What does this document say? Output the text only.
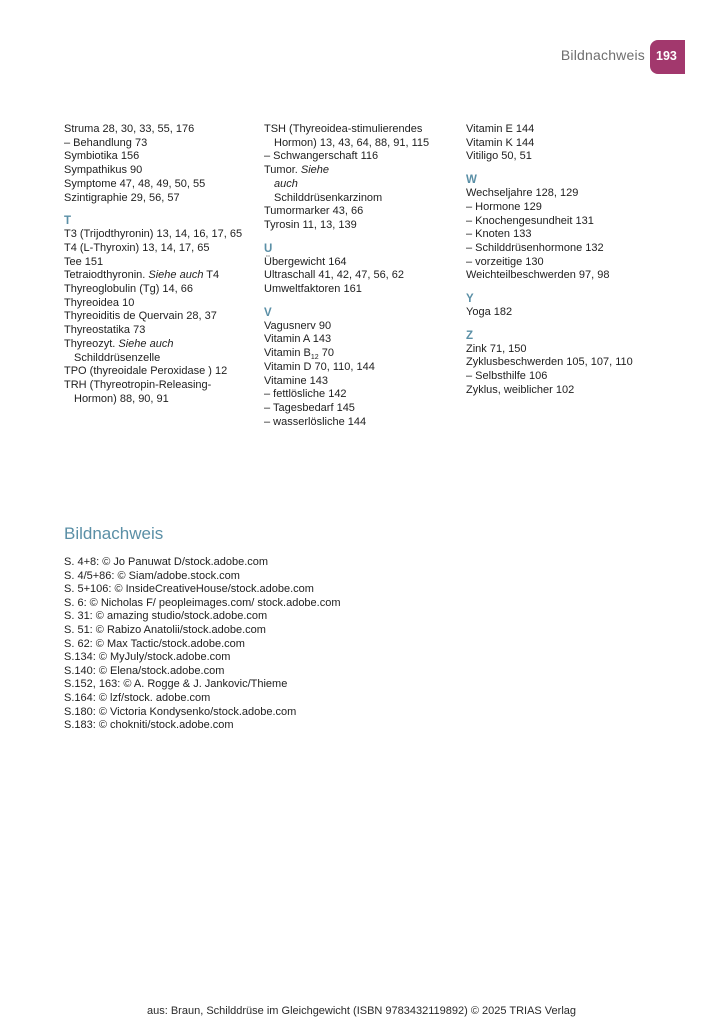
Bildnachweis 193
Struma 28, 30, 33, 55, 176
– Behandlung 73
Symbiotika 156
Sympathikus 90
Symptome 47, 48, 49, 50, 55
Szintigraphie 29, 56, 57
T
T3 (Trijodthyronin) 13, 14, 16, 17, 65
T4 (L-Thyroxin) 13, 14, 17, 65
Tee 151
Tetraiodthyronin. Siehe auch T4
Thyreoglobulin (Tg) 14, 66
Thyreoidea 10
Thyreoiditis de Quervain 28, 37
Thyreostatika 73
Thyreozyt. Siehe auch Schilddrüsenzelle
TPO (thyreoidale Peroxidase ) 12
TRH (Thyreotropin-Releasing-Hormon) 88, 90, 91
TSH (Thyreoidea-stimulierendes Hormon) 13, 43, 64, 88, 91, 115
– Schwangerschaft 116
Tumor. Siehe auch Schilddrüsenkarzinom
Tumormarker 43, 66
Tyrosin 11, 13, 139
U
Übergewicht 164
Ultraschall 41, 42, 47, 56, 62
Umweltfaktoren 161
V
Vagusnerv 90
Vitamin A 143
Vitamin $B_{12}$ 70
Vitamin D 70, 110, 144
Vitamine 143
– fettlösliche 142
– Tagesbedarf 145
– wasserlösliche 144
Vitamin E 144
Vitamin K 144
Vitiligo 50, 51
W
Wechseljahre 128, 129
– Hormone 129
– Knochengesundheit 131
– Knoten 133
– Schilddrüsenhormone 132
– vorzeitige 130
Weichteilbeschwerden 97, 98
Y
Yoga 182
Z
Zink 71, 150
Zyklusbeschwerden 105, 107, 110
– Selbsthilfe 106
Zyklus, weiblicher 102
Bildnachweis
S. 4+8: © Jo Panuwat D/stock.adobe.com
S. 4/5+86: © Siam/adobe.stock.com
S. 5+106: © InsideCreativeHouse/stock.adobe.com
S. 6: © Nicholas F/ peopleimages.com/ stock.adobe.com
S. 31: © amazing studio/stock.adobe.com
S. 51: © Rabizo Anatolii/stock.adobe.com
S. 62: © Max Tactic/stock.adobe.com
S.134: © MyJuly/stock.adobe.com
S.140: © Elena/stock.adobe.com
S.152, 163: © A. Rogge & J. Jankovic/Thieme
S.164: © lzf/stock. adobe.com
S.180: © Victoria Kondysenko/stock.adobe.com
S.183: © chokniti/stock.adobe.com
aus: Braun, Schilddrüse im Gleichgewicht (ISBN 9783432119892) © 2025 TRIAS Verlag
